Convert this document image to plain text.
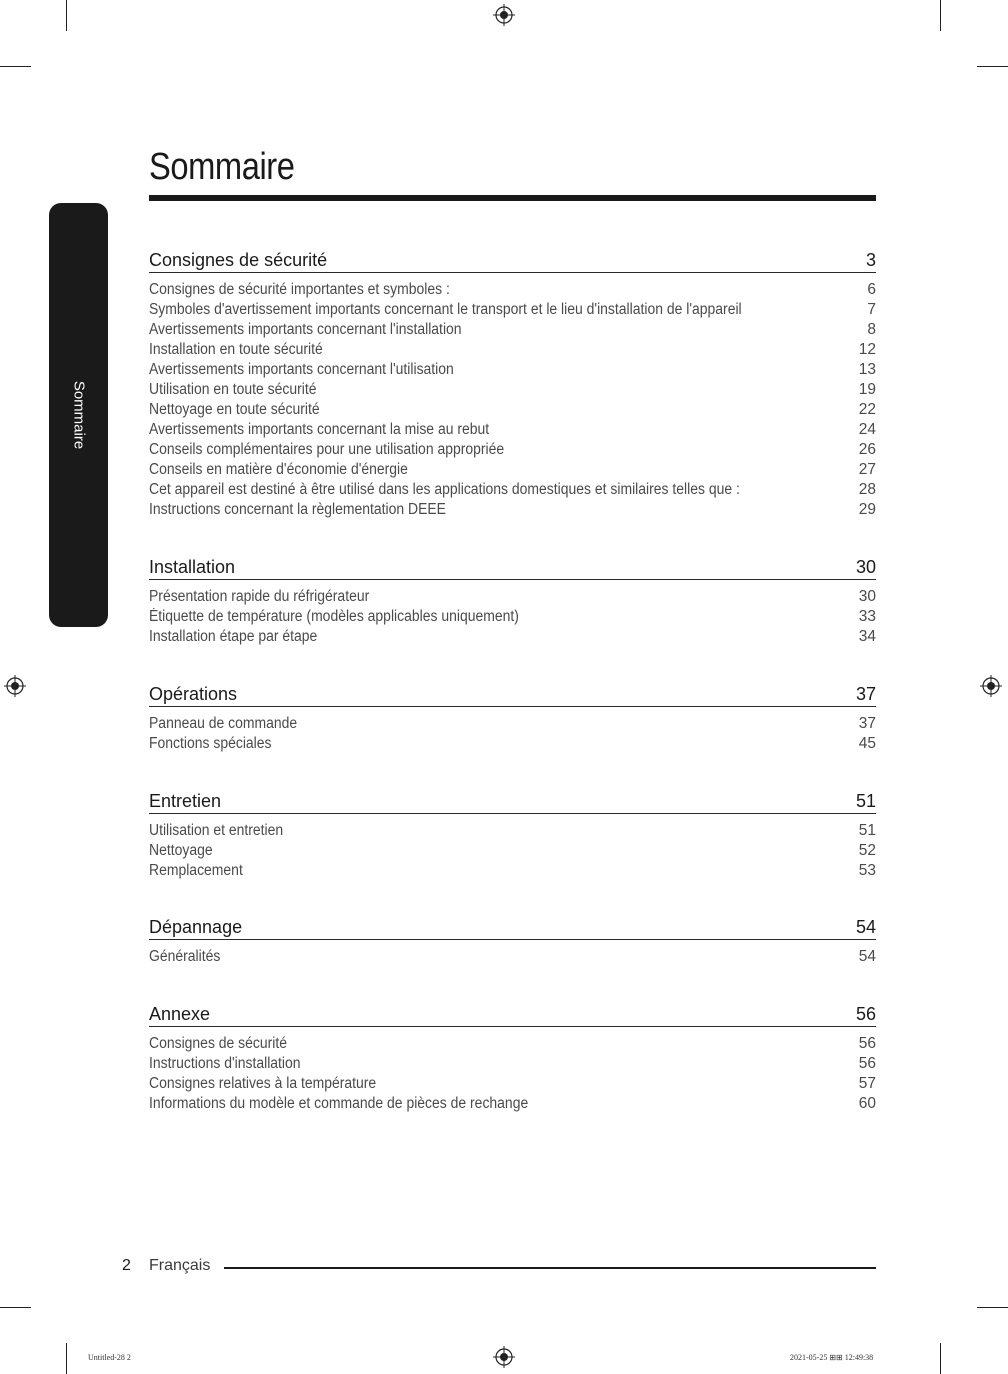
Sommaire
Sommaire
Consignes de sécurité	3
Consignes de sécurité importantes et symboles :	6
Symboles d'avertissement importants concernant le transport et le lieu d'installation de l'appareil	7
Avertissements importants concernant l'installation	8
Installation en toute sécurité	12
Avertissements importants concernant l'utilisation	13
Utilisation en toute sécurité	19
Nettoyage en toute sécurité	22
Avertissements importants concernant la mise au rebut	24
Conseils complémentaires pour une utilisation appropriée	26
Conseils en matière d'économie d'énergie	27
Cet appareil est destiné à être utilisé dans les applications domestiques et similaires telles que :	28
Instructions concernant la règlementation DEEE	29
Installation	30
Présentation rapide du réfrigérateur	30
Étiquette de température (modèles applicables uniquement)	33
Installation étape par étape	34
Opérations	37
Panneau de commande	37
Fonctions spéciales	45
Entretien	51
Utilisation et entretien	51
Nettoyage	52
Remplacement	53
Dépannage	54
Généralités	54
Annexe	56
Consignes de sécurité	56
Instructions d'installation	56
Consignes relatives à la température	57
Informations du modèle et commande de pièces de rechange	60
2 Français
Untitled-28 2	2021-05-25 ⊞⊞ 12:49:38
